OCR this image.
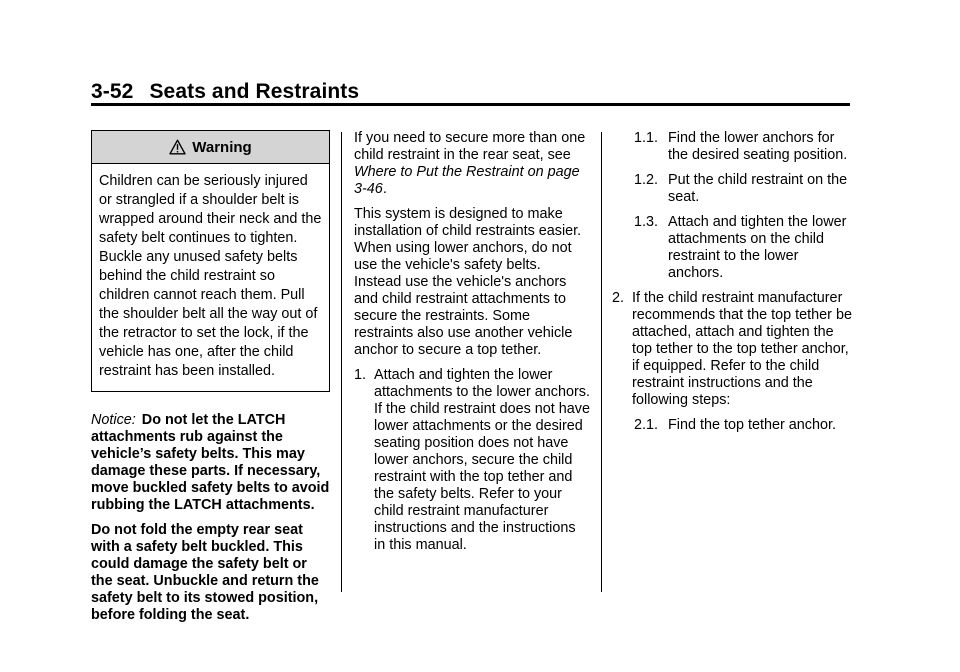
3-52 Seats and Restraints
Warning
Children can be seriously injured or strangled if a shoulder belt is wrapped around their neck and the safety belt continues to tighten. Buckle any unused safety belts behind the child restraint so children cannot reach them. Pull the shoulder belt all the way out of the retractor to set the lock, if the vehicle has one, after the child restraint has been installed.
Notice: Do not let the LATCH attachments rub against the vehicle’s safety belts. This may damage these parts. If necessary, move buckled safety belts to avoid rubbing the LATCH attachments.
Do not fold the empty rear seat with a safety belt buckled. This could damage the safety belt or the seat. Unbuckle and return the safety belt to its stowed position, before folding the seat.
If you need to secure more than one child restraint in the rear seat, see Where to Put the Restraint on page 3-46.
This system is designed to make installation of child restraints easier. When using lower anchors, do not use the vehicle's safety belts. Instead use the vehicle's anchors and child restraint attachments to secure the restraints. Some restraints also use another vehicle anchor to secure a top tether.
1. Attach and tighten the lower attachments to the lower anchors. If the child restraint does not have lower attachments or the desired seating position does not have lower anchors, secure the child restraint with the top tether and the safety belts. Refer to your child restraint manufacturer instructions and the instructions in this manual.
1.1. Find the lower anchors for the desired seating position.
1.2. Put the child restraint on the seat.
1.3. Attach and tighten the lower attachments on the child restraint to the lower anchors.
2. If the child restraint manufacturer recommends that the top tether be attached, attach and tighten the top tether to the top tether anchor, if equipped. Refer to the child restraint instructions and the following steps:
2.1. Find the top tether anchor.
